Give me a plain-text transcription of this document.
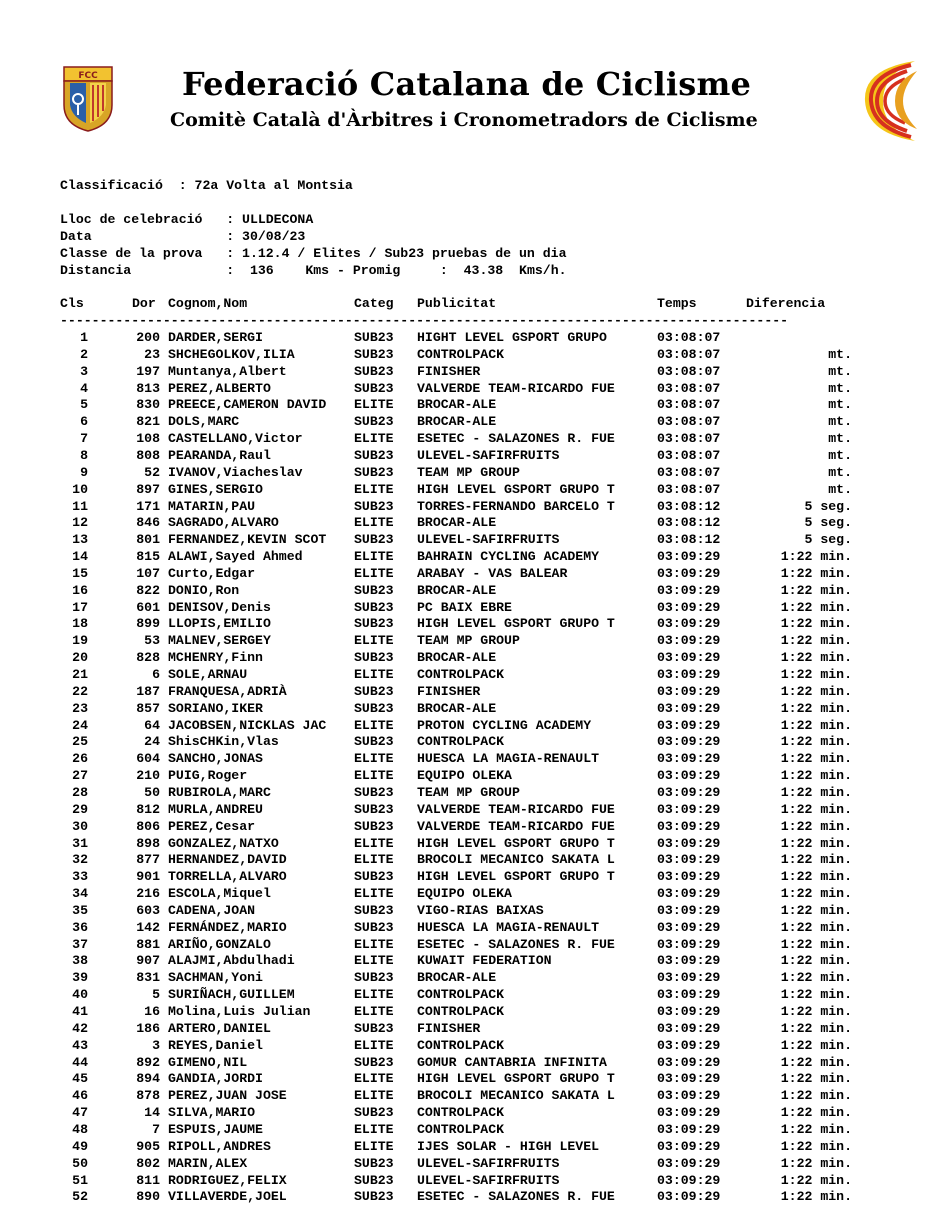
FCC	Federació Catalana de Ciclisme
Comitè Català d'Àrbitres i Cronometradors de Ciclisme
Classificació  : 72a Volta al Montsia
Lloc de celebració   : ULLDECONA
Data                 : 30/08/23
Classe de la prova   : 1.12.4 / Elites / Sub23 pruebas de un dia
Distancia            :  136 Kms - Promig     :  43.38 Kms/h.
Cls	Dor Cognom,Nom	Categ Publicitat	Temps	Diferencia
--------------------------------------------------------------------------------------------
1	200 DARDER,SERGI	SUB23 HIGHT LEVEL GSPORT GRUPO	03:08:07
2	23 SHCHEGOLKOV,ILIA	SUB23 CONTROLPACK	03:08:07	mt.
3	197 Muntanya,Albert	SUB23 FINISHER	03:08:07	mt.
4	813 PEREZ,ALBERTO	SUB23 VALVERDE TEAM-RICARDO FUE	03:08:07	mt.
5	830 PREECE,CAMERON DAVID ELITE BROCAR-ALE	03:08:07	mt.
6	821 DOLS,MARC	SUB23 BROCAR-ALE	03:08:07	mt.
7	108 CASTELLANO,Victor	ELITE ESETEC - SALAZONES R. FUE	03:08:07	mt.
8	808 PEARANDA,Raul	SUB23 ULEVEL-SAFIRFRUITS	03:08:07	mt.
9	52 IVANOV,Viacheslav	SUB23 TEAM MP GROUP	03:08:07	mt.
10	897 GINES,SERGIO	ELITE HIGH LEVEL GSPORT GRUPO T	03:08:07	mt.
11	171 MATARIN,PAU	SUB23 TORRES-FERNANDO BARCELO T	03:08:12	5 seg.
12	846 SAGRADO,ALVARO	ELITE BROCAR-ALE	03:08:12	5 seg.
13	801 FERNANDEZ,KEVIN SCOT SUB23 ULEVEL-SAFIRFRUITS	03:08:12	5 seg.
14	815 ALAWI,Sayed Ahmed	ELITE BAHRAIN CYCLING ACADEMY	03:09:29	1:22 min.
15	107 Curto,Edgar	ELITE ARABAY - VAS BALEAR	03:09:29	1:22 min.
16	822 DONIO,Ron	SUB23 BROCAR-ALE	03:09:29	1:22 min.
17	601 DENISOV,Denis	SUB23 PC BAIX EBRE	03:09:29	1:22 min.
18	899 LLOPIS,EMILIO	SUB23 HIGH LEVEL GSPORT GRUPO T	03:09:29	1:22 min.
19	53 MALNEV,SERGEY	ELITE TEAM MP GROUP	03:09:29	1:22 min.
20	828 MCHENRY,Finn	SUB23 BROCAR-ALE	03:09:29	1:22 min.
21	6 SOLE,ARNAU	ELITE CONTROLPACK	03:09:29	1:22 min.
22	187 FRANQUESA,ADRIÀ	SUB23 FINISHER	03:09:29	1:22 min.
23	857 SORIANO,IKER	SUB23 BROCAR-ALE	03:09:29	1:22 min.
24	64 JACOBSEN,NICKLAS JAC ELITE PROTON CYCLING ACADEMY	03:09:29	1:22 min.
25	24 ShisCHKin,Vlas	SUB23 CONTROLPACK	03:09:29	1:22 min.
26	604 SANCHO,JONAS	ELITE HUESCA LA MAGIA-RENAULT	03:09:29	1:22 min.
27	210 PUIG,Roger	ELITE EQUIPO OLEKA	03:09:29	1:22 min.
28	50 RUBIROLA,MARC	SUB23 TEAM MP GROUP	03:09:29	1:22 min.
29	812 MURLA,ANDREU	SUB23 VALVERDE TEAM-RICARDO FUE	03:09:29	1:22 min.
30	806 PEREZ,Cesar	SUB23 VALVERDE TEAM-RICARDO FUE	03:09:29	1:22 min.
31	898 GONZALEZ,NATXO	ELITE HIGH LEVEL GSPORT GRUPO T	03:09:29	1:22 min.
32	877 HERNANDEZ,DAVID	ELITE BROCOLI MECANICO SAKATA L	03:09:29	1:22 min.
33	901 TORRELLA,ALVARO	SUB23 HIGH LEVEL GSPORT GRUPO T	03:09:29	1:22 min.
34	216 ESCOLA,Miquel	ELITE EQUIPO OLEKA	03:09:29	1:22 min.
35	603 CADENA,JOAN	SUB23 VIGO-RIAS BAIXAS	03:09:29	1:22 min.
36	142 FERNÁNDEZ,MARIO	SUB23 HUESCA LA MAGIA-RENAULT	03:09:29	1:22 min.
37	881 ARIÑO,GONZALO	ELITE ESETEC - SALAZONES R. FUE	03:09:29	1:22 min.
38	907 ALAJMI,Abdulhadi	ELITE KUWAIT FEDERATION	03:09:29	1:22 min.
39	831 SACHMAN,Yoni	SUB23 BROCAR-ALE	03:09:29	1:22 min.
40	5 SURIÑACH,GUILLEM	ELITE CONTROLPACK	03:09:29	1:22 min.
41	16 Molina,Luis Julian	ELITE CONTROLPACK	03:09:29	1:22 min.
42	186 ARTERO,DANIEL	SUB23 FINISHER	03:09:29	1:22 min.
43	3 REYES,Daniel	ELITE CONTROLPACK	03:09:29	1:22 min.
44	892 GIMENO,NIL	SUB23 GOMUR CANTABRIA INFINITA	03:09:29	1:22 min.
45	894 GANDIA,JORDI	ELITE HIGH LEVEL GSPORT GRUPO T	03:09:29	1:22 min.
46	878 PEREZ,JUAN JOSE	ELITE BROCOLI MECANICO SAKATA L	03:09:29	1:22 min.
47	14 SILVA,MARIO	SUB23 CONTROLPACK	03:09:29	1:22 min.
48	7 ESPUIS,JAUME	ELITE CONTROLPACK	03:09:29	1:22 min.
49	905 RIPOLL,ANDRES	ELITE IJES SOLAR - HIGH LEVEL	03:09:29	1:22 min.
50	802 MARIN,ALEX	SUB23 ULEVEL-SAFIRFRUITS	03:09:29	1:22 min.
51	811 RODRIGUEZ,FELIX	SUB23 ULEVEL-SAFIRFRUITS	03:09:29	1:22 min.
52	890 VILLAVERDE,JOEL	SUB23 ESETEC - SALAZONES R. FUE	03:09:29	1:22 min.
